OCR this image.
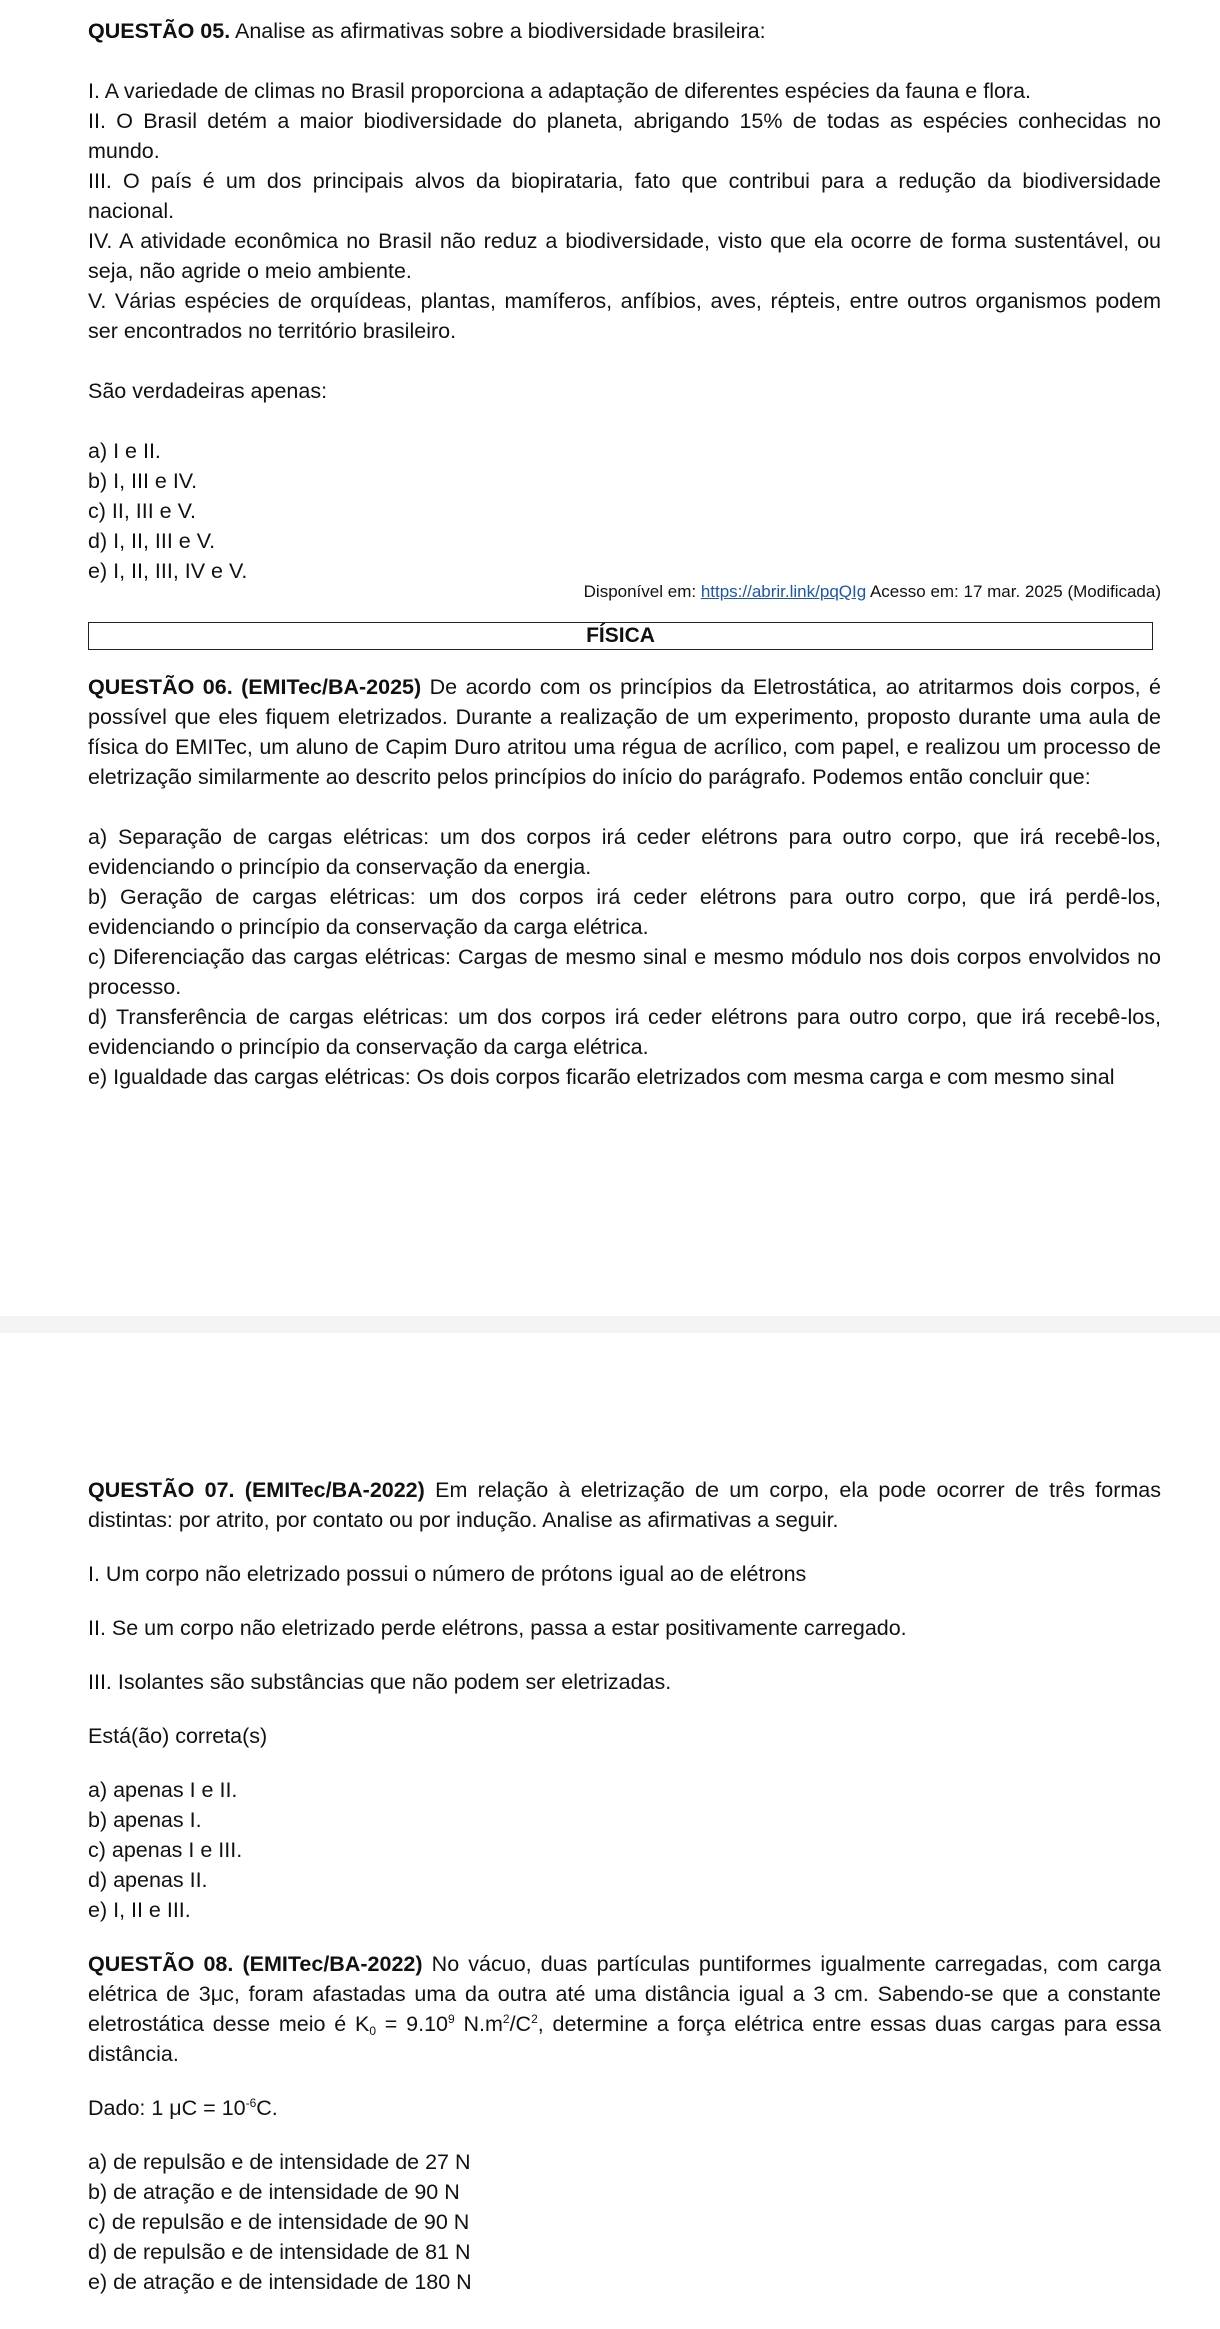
QUESTÃO 05. Analise as afirmativas sobre a biodiversidade brasileira:

I. A variedade de climas no Brasil proporciona a adaptação de diferentes espécies da fauna e flora.

II. O Brasil detém a maior biodiversidade do planeta, abrigando 15% de todas as espécies conhecidas no mundo.

III. O país é um dos principais alvos da biopirataria, fato que contribui para a redução da biodiversidade nacional.

IV. A atividade econômica no Brasil não reduz a biodiversidade, visto que ela ocorre de forma sustentável, ou seja, não agride o meio ambiente.

V. Várias espécies de orquídeas, plantas, mamíferos, anfíbios, aves, répteis, entre outros organismos podem ser encontrados no território brasileiro.

São verdadeiras apenas:

a) I e II.

b) I, III e IV.

c) II, III e V.

d) I, II, III e V.

e) I, II, III, IV e V.

Disponível em: https://abrir.link/pqQIg Acesso em: 17 mar. 2025 (Modificada)

FÍSICA

QUESTÃO 06. (EMITec/BA-2025) De acordo com os princípios da Eletrostática, ao atritarmos dois corpos, é possível que eles fiquem eletrizados. Durante a realização de um experimento, proposto durante uma aula de física do EMITec, um aluno de Capim Duro atritou uma régua de acrílico, com papel, e realizou um processo de eletrização similarmente ao descrito pelos princípios do início do parágrafo. Podemos então concluir que:

a) Separação de cargas elétricas: um dos corpos irá ceder elétrons para outro corpo, que irá recebê-los, evidenciando o princípio da conservação da energia.

b) Geração de cargas elétricas: um dos corpos irá ceder elétrons para outro corpo, que irá perdê-los, evidenciando o princípio da conservação da carga elétrica.

c) Diferenciação das cargas elétricas: Cargas de mesmo sinal e mesmo módulo nos dois corpos envolvidos no processo.

d) Transferência de cargas elétricas: um dos corpos irá ceder elétrons para outro corpo, que irá recebê-los, evidenciando o princípio da conservação da carga elétrica.

e) Igualdade das cargas elétricas: Os dois corpos ficarão eletrizados com mesma carga e com mesmo sinal

QUESTÃO 07. (EMITec/BA-2022) Em relação à eletrização de um corpo, ela pode ocorrer de três formas distintas: por atrito, por contato ou por indução. Analise as afirmativas a seguir.

I. Um corpo não eletrizado possui o número de prótons igual ao de elétrons

II. Se um corpo não eletrizado perde elétrons, passa a estar positivamente carregado.

III. Isolantes são substâncias que não podem ser eletrizadas.

Está(ão) correta(s)

a) apenas I e II.

b) apenas I.

c) apenas I e III.

d) apenas II.

e) I, II e III.

QUESTÃO 08. (EMITec/BA-2022) No vácuo, duas partículas puntiformes igualmente carregadas, com carga elétrica de 3μc, foram afastadas uma da outra até uma distância igual a 3 cm. Sabendo-se que a constante eletrostática desse meio é $K_0 = 9.10^9$ $N.m^2/C^2$, determine a força elétrica entre essas duas cargas para essa distância.

Dado: 1 $\mu C = 10^{-6}C$.

a) de repulsão e de intensidade de 27 N

b) de atração e de intensidade de 90 N

c) de repulsão e de intensidade de 90 N

d) de repulsão e de intensidade de 81 N

e) de atração e de intensidade de 180 N
